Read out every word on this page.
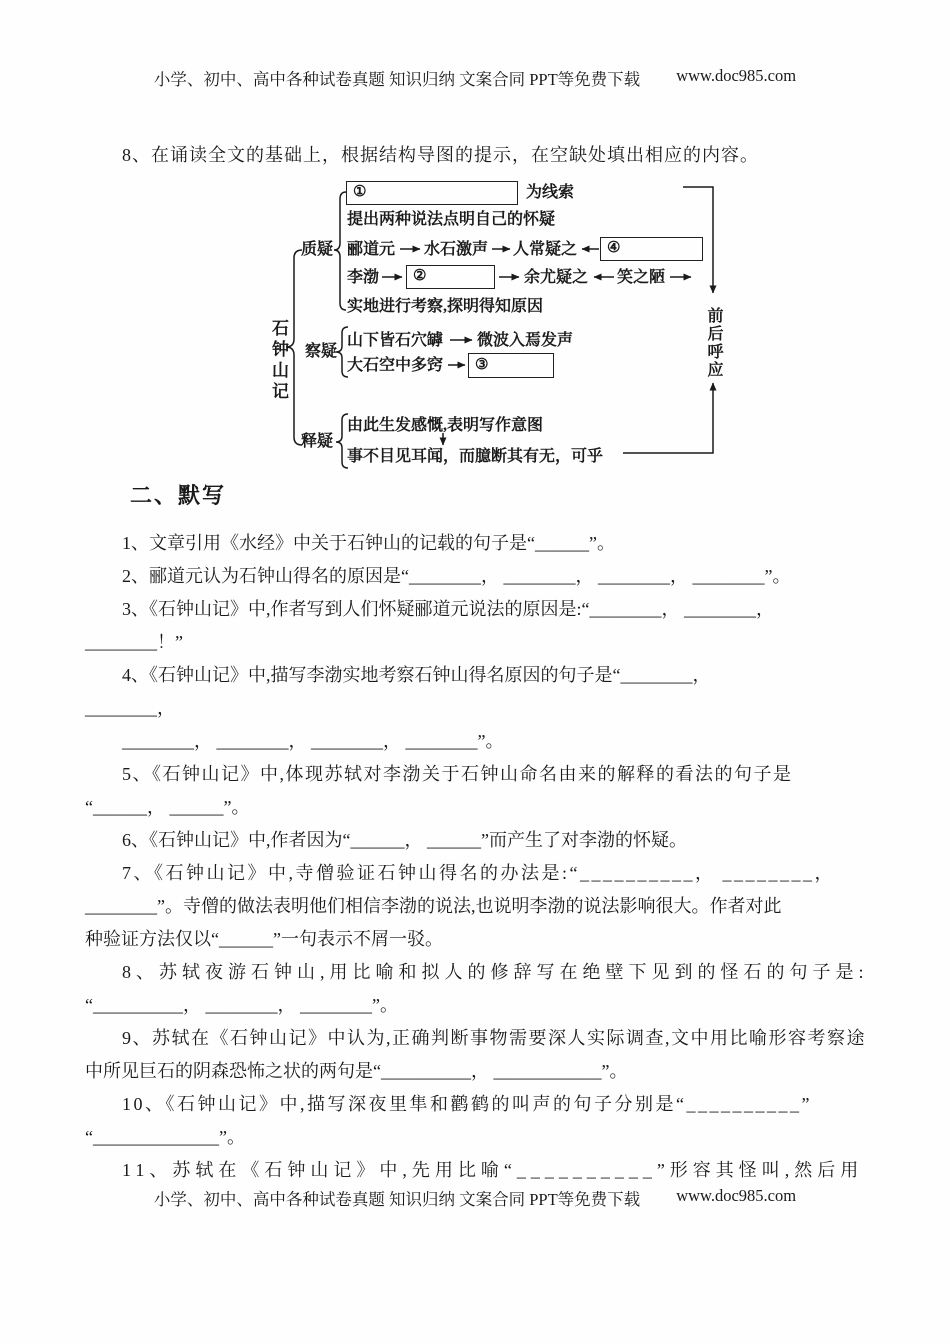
小学、初中、高中各种试卷真题 知识归纳 文案合同 PPT等免费下载 www.doc985.com
8、在诵读全文的基础上，根据结构导图的提示，在空缺处填出相应的内容。
石钟山记	前后呼应
质疑
察疑
释疑
①	为线索
提出两种说法点明自己的怀疑
郦道元 水石激声 人常疑之	④
李渤	②	余尤疑之 笑之陋
实地进行考察,探明得知原因
山下皆石穴罅 微波入焉发声
大石空中多窍	③
由此生发感慨,表明写作意图
事不目见耳闻，而臆断其有无，可乎
二、默写
1、文章引用《水经》中关于石钟山的记载的句子是“______”。
2、郦道元认为石钟山得名的原因是“________， ________， ________， ________”。
3、《石钟山记》中,作者写到人们怀疑郦道元说法的原因是:“________， ________，
________！”
4、《石钟山记》中,描写李渤实地考察石钟山得名原因的句子是“________，
________，
________， ________， ________， ________”。
5、《石钟山记》中,体现苏轼对李渤关于石钟山命名由来的解释的看法的句子是
“______， ______”。
6、《石钟山记》中,作者因为“______， ______”而产生了对李渤的怀疑。
7、《石钟山记》中,寺僧验证石钟山得名的办法是:“__________， ________，
________”。寺僧的做法表明他们相信李渤的说法,也说明李渤的说法影响很大。作者对此
种验证方法仅以“______”一句表示不屑一驳。
8、苏轼夜游石钟山,用比喻和拟人的修辞写在绝壁下见到的怪石的句子是:
“__________， ________， ________”。
9、苏轼在《石钟山记》中认为,正确判断事物需要深人实际调查,文中用比喻形容考察途
中所见巨石的阴森恐怖之状的两句是“__________， ____________”。
10、《石钟山记》中,描写深夜里隼和鹳鹤的叫声的句子分别是“__________”
“______________”。
11、苏轼在《石钟山记》中,先用比喻“__________”形容其怪叫,然后用
小学、初中、高中各种试卷真题 知识归纳 文案合同 PPT等免费下载 www.doc985.com
